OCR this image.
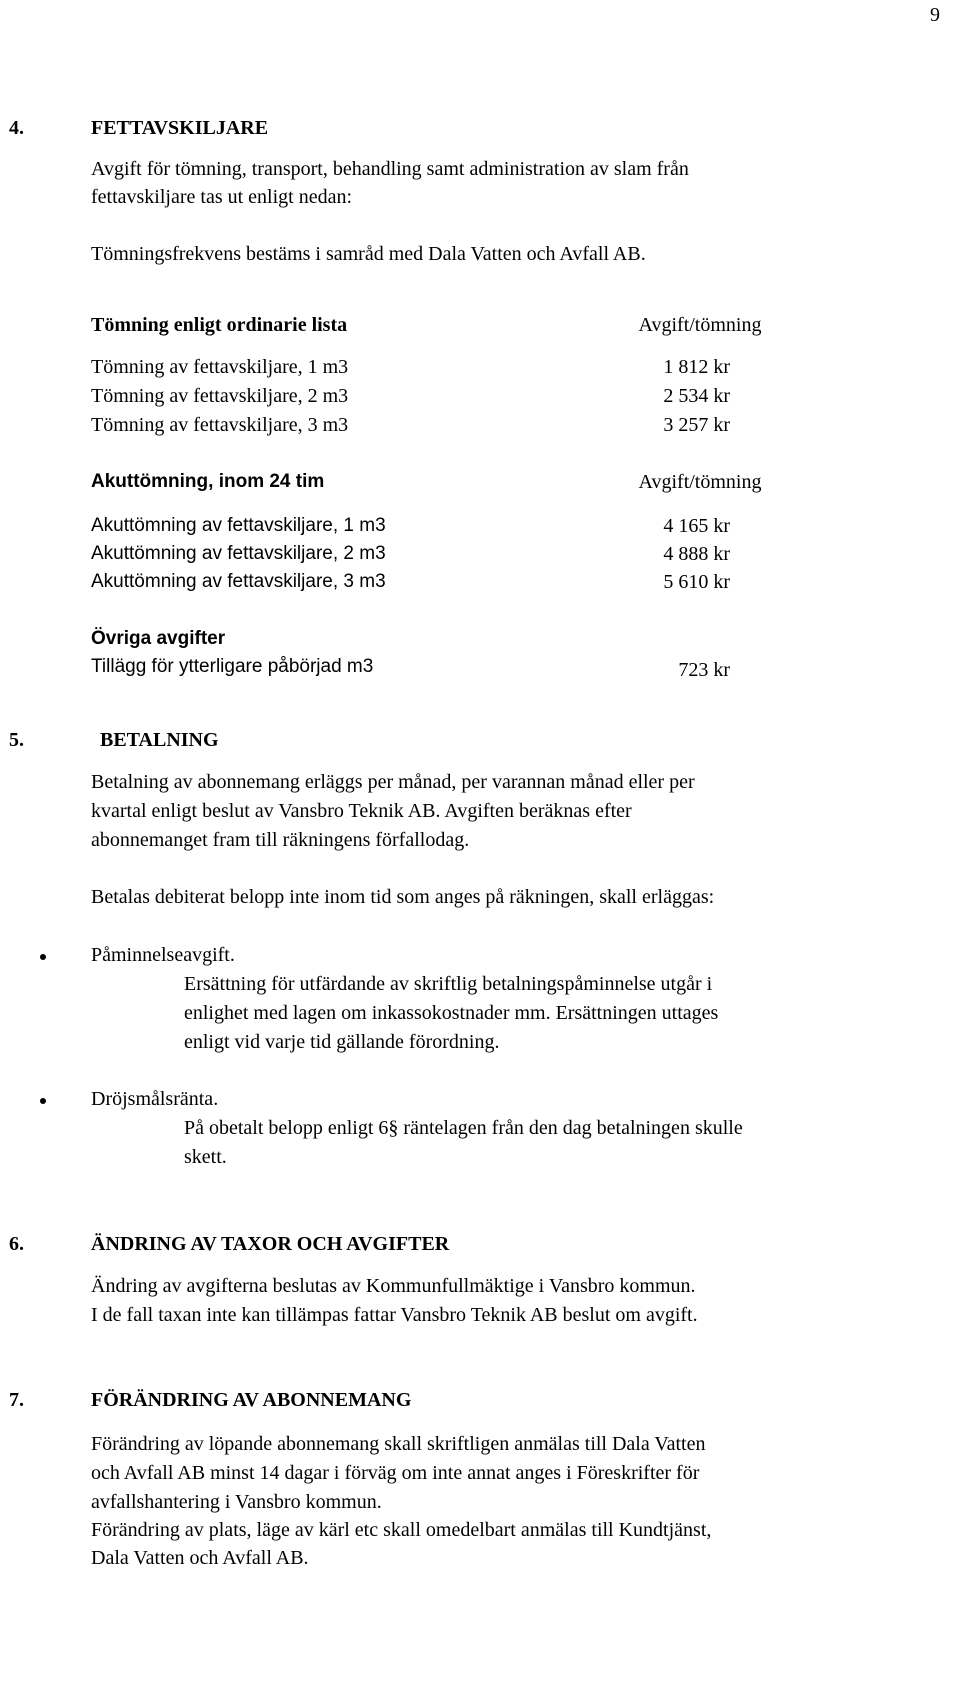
9
4.	FETTAVSKILJARE
Avgift för tömning, transport, behandling samt administration av slam från
fettavskiljare tas ut enligt nedan:
Tömningsfrekvens bestäms i samråd med Dala Vatten och Avfall AB.
Tömning enligt ordinarie lista	Avgift/tömning
Tömning av fettavskiljare, 1 m3	1 812 kr
Tömning av fettavskiljare, 2 m3	2 534 kr
Tömning av fettavskiljare, 3 m3	3 257 kr
Akuttömning, inom 24 tim	Avgift/tömning
Akuttömning av fettavskiljare, 1 m3	4 165 kr
Akuttömning av fettavskiljare, 2 m3	4 888 kr
Akuttömning av fettavskiljare, 3 m3	5 610 kr
Övriga avgifter
Tillägg för ytterligare påbörjad m3	723 kr
5.	BETALNING
Betalning av abonnemang erläggs per månad, per varannan månad eller per
kvartal enligt beslut av Vansbro Teknik AB. Avgiften beräknas efter
abonnemanget fram till räkningens förfallodag.
Betalas debiterat belopp inte inom tid som anges på räkningen, skall erläggas:
Påminnelseavgift.
Ersättning för utfärdande av skriftlig betalningspåminnelse utgår i
enlighet med lagen om inkassokostnader mm. Ersättningen uttages
enligt vid varje tid gällande förordning.
Dröjsmålsränta.
På obetalt belopp enligt 6§ räntelagen från den dag betalningen skulle
skett.
6.	ÄNDRING AV TAXOR OCH AVGIFTER
Ändring av avgifterna beslutas av Kommunfullmäktige i Vansbro kommun.
I de fall taxan inte kan tillämpas fattar Vansbro Teknik AB beslut om avgift.
7.	FÖRÄNDRING AV ABONNEMANG
Förändring av löpande abonnemang skall skriftligen anmälas till Dala Vatten
och Avfall AB minst 14 dagar i förväg om inte annat anges i Föreskrifter för
avfallshantering i Vansbro kommun.
Förändring av plats, läge av kärl etc skall omedelbart anmälas till Kundtjänst,
Dala Vatten och Avfall AB.
